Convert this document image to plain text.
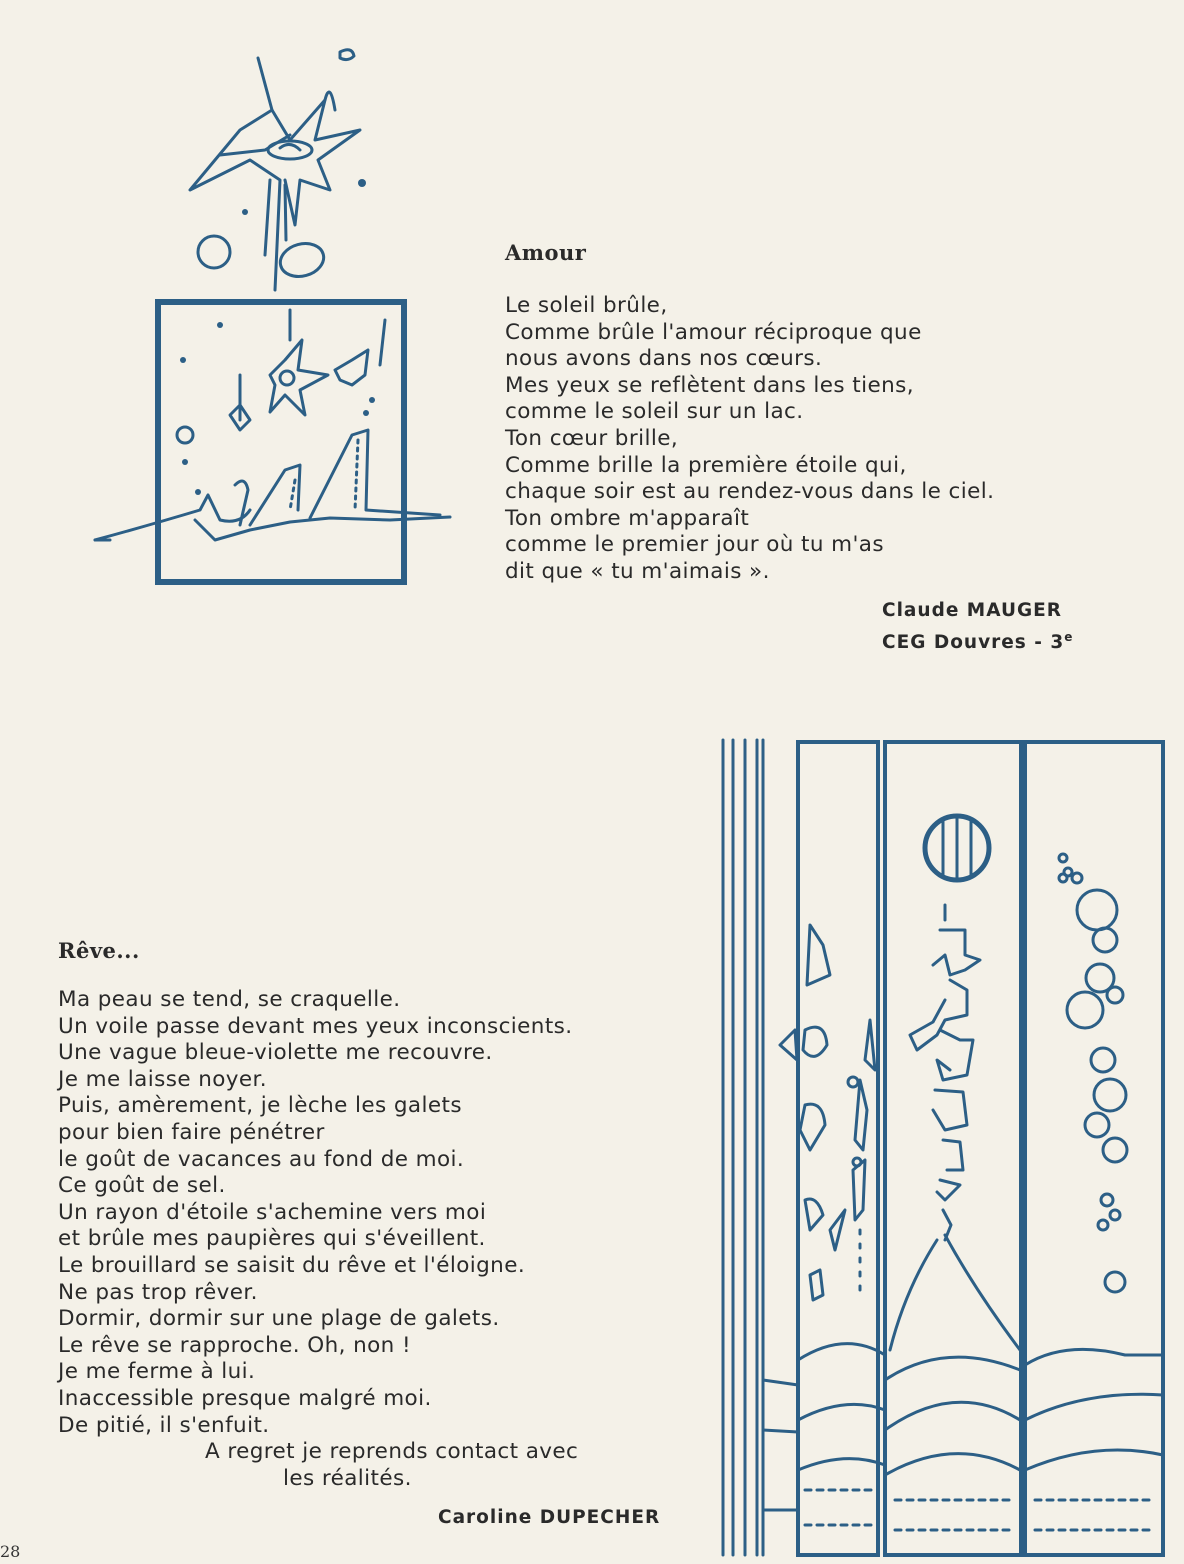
Amour
Le soleil brûle,
Comme brûle l'amour réciproque que
nous avons dans nos cœurs.
Mes yeux se reflètent dans les tiens,
comme le soleil sur un lac.
Ton cœur brille,
Comme brille la première étoile qui,
chaque soir est au rendez-vous dans le ciel.
Ton ombre m'apparaît
comme le premier jour où tu m'as
dit que « tu m'aimais ».
Claude MAUGER
CEG Douvres - 3e
Rêve...
Ma peau se tend, se craquelle.
Un voile passe devant mes yeux inconscients.
Une vague bleue-violette me recouvre.
Je me laisse noyer.
Puis, amèrement, je lèche les galets
pour bien faire pénétrer
le goût de vacances au fond de moi.
Ce goût de sel.
Un rayon d'étoile s'achemine vers moi
et brûle mes paupières qui s'éveillent.
Le brouillard se saisit du rêve et l'éloigne.
Ne pas trop rêver.
Dormir, dormir sur une plage de galets.
Le rêve se rapproche. Oh, non !
Je me ferme à lui.
Inaccessible presque malgré moi.
De pitié, il s'enfuit.
A regret je reprends contact avec
les réalités.
Caroline DUPECHER
28
